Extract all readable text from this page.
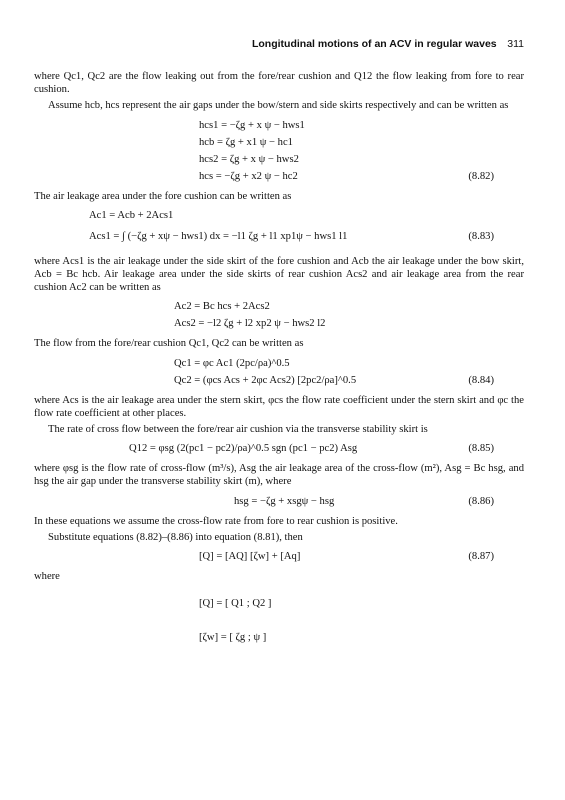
Longitudinal motions of an ACV in regular waves 311

where Qc1, Qc2 are the flow leaking out from the fore/rear cushion and Q12 the flow leaking from fore to rear cushion.

Assume hcb, hcs represent the air gaps under the bow/stern and side skirts respectively and can be written as

hcs1 = −ζg + x ψ − hws1
hcb = ζg + x1 ψ − hc1
hcs2 = ζg + x ψ − hws2
hcs = −ζg + x2 ψ − hc2	(8.82)

The air leakage area under the fore cushion can be written as

Ac1 = Acb + 2Acs1
Acs1 = ∫ (−ζg + xψ − hws1) dx = −l1 ζg + l1 xp1ψ − hws1 l1	(8.83)

where Acs1 is the air leakage under the side skirt of the fore cushion and Acb the air leakage under the bow skirt, Acb = Bc hcb. Air leakage area under the side skirts of rear cushion Acs2 and air leakage area from the rear cushion Ac2 can be written as

Ac2 = Bc hcs + 2Acs2
Acs2 = −l2 ζg + l2 xp2 ψ − hws2 l2

The flow from the fore/rear cushion Qc1, Qc2 can be written as

Qc1 = φc Ac1 (2pc/ρa)^0.5
Qc2 = (φcs Acs + 2φc Acs2) [2pc2/ρa]^0.5	(8.84)

where Acs is the air leakage area under the stern skirt, φcs the flow rate coefficient under the stern skirt and φc the flow rate coefficient at other places.

The rate of cross flow between the fore/rear air cushion via the transverse stability skirt is

Q12 = φsg (2(pc1 − pc2)/ρa)^0.5 sgn (pc1 − pc2) Asg	(8.85)

where φsg is the flow rate of cross-flow (m³/s), Asg the air leakage area of the cross-flow (m²), Asg = Bc hsg, and hsg the air gap under the transverse stability skirt (m), where

hsg = −ζg + xsgψ − hsg	(8.86)

In these equations we assume the cross-flow rate from fore to rear cushion is positive.

Substitute equations (8.82)–(8.86) into equation (8.81), then

[Q] = [AQ] [ζw] + [Aq]	(8.87)

where

[Q] = [ Q1 ; Q2 ]
[ζw] = [ ζg ; ψ ]
